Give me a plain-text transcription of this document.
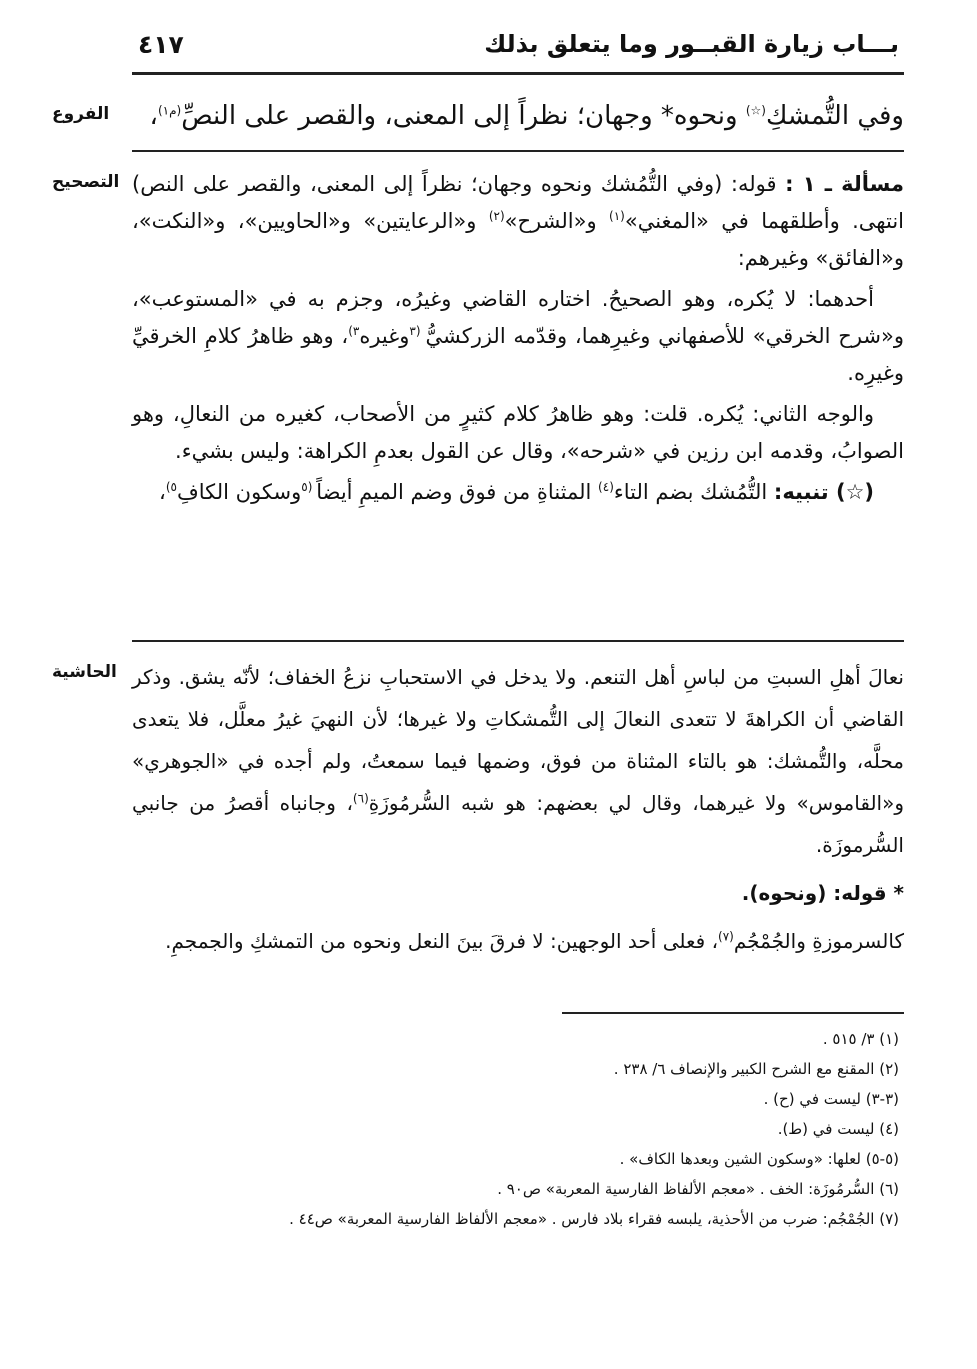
بـــاب زيارة القبــور وما يتعلق بذلك
٤١٧
الفروع	وفي التُّمشكِ(☆) ونحوه* وجهان؛ نظراً إلى المعنى، والقصر على النصِّ$^{(م١)}$،
التصحيح	مسألة ـ ١ : قوله: (وفي التُّمُشك ونحوه وجهان؛ نظراً إلى المعنى، والقصر على النص) انتهى. وأطلقهما في «المغني»$^{(١)}$ و«الشرح»$^{(٢)}$ و«الرعايتين» و«الحاويين»، و«النكت»، و«الفائق» وغيرهم:

أحدهما: لا يُكره، وهو الصحيحُ. اختاره القاضي وغيرُه، وجزم به في «المستوعب»، و«شرح الخرقي» للأصفهاني وغيرِهما، وقدّمه الزركشيُّ $^{(٣}$وغيره$^{٣)}$، وهو ظاهرُ كلامِ الخرقيِّ وغيرِه.

والوجه الثاني: يُكره. قلت: وهو ظاهرُ كلام كثيرٍ من الأصحاب، كغيره من النعالِ، وهو الصوابُ، وقدمه ابن رزين في «شرحه»، وقال عن القول بعدمِ الكراهة: وليس بشيء.

(☆) تنبيه: التُّمُشك بضم التاء$^{(٤)}$ المثناةِ من فوق وضم الميمِ أيضاً $^{(٥}$وسكون الكافِ$^{٥)}$،

الحاشية نعالَ أهلِ السبتِ من لباسِ أهل التنعم. ولا يدخل في الاستحبابِ نزعُ الخفاف؛ لأنّه يشق. وذكر القاضي أن الكراهةَ لا تتعدى النعالَ إلى التُّمشكاتِ ولا غيرها؛ لأن النهيَ غيرُ معلَّل، فلا يتعدى محلَّه، والتُّمشك: هو بالتاء المثناة من فوق، وضمها فيما سمعتُ، ولم أجده في «الجوهري» و«القاموس» ولا غيرهما، وقال لي بعضهم: هو شبه السُّرمُوزَةِ$^{(٦)}$، وجانباه أقصرُ من جانبي السُّرموزَة.

* قوله: (ونحوه).

كالسرموزةِ والجُمْجُم$^{(٧)}$، فعلى أحد الوجهين: لا فرقَ بينَ النعل ونحوه من التمشكِ والجمجمِ.

(١) ٣/ ٥١٥ .
(٢) المقنع مع الشرح الكبير والإنصاف ٦/ ٢٣٨ .
(٣-٣) ليست في (ح) .
(٤) ليست في (ط).
(٥-٥) لعلها: «وسكون الشين وبعدها الكاف» .
(٦) السُّرمُوزَة: الخف . «معجم الألفاظ الفارسية المعربة» ص٩٠ .
(٧) الجُمْجُم: ضرب من الأحذية، يلبسه فقراء بلاد فارس . «معجم الألفاظ الفارسية المعربة» ص٤٤ .
